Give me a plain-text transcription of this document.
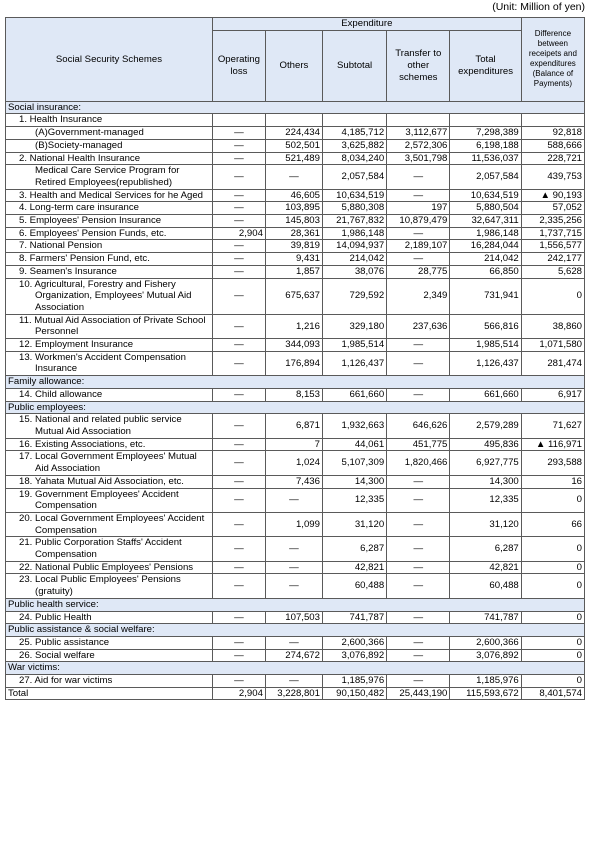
(Unit: Million of yen)
Social Security Schemes	Expenditure					Difference between receipets and expenditures (Balance of Payments)
	Operating loss	Others	Subtotal	Transfer to other schemes	Total expenditures	
Social insurance:						

1. Health Insurance						

(A)Government-managed	—	224,434	4,185,712	3,112,677	7,298,389	92,818

(B)Society-managed	—	502,501	3,625,882	2,572,306	6,198,188	588,666

2. National Health Insurance	—	521,489	8,034,240	3,501,798	11,536,037	228,721

Medical Care Service Program for Retired Employees(republished)	—	—	2,057,584	—	2,057,584	439,753

3. Health and Medical Services for he Aged	—	46,605	10,634,519	—	10,634,519	▲ 90,193

4. Long-term care insurance	—	103,895	5,880,308	197	5,880,504	57,052

5. Employees' Pension Insurance	—	145,803	21,767,832	10,879,479	32,647,311	2,335,256

6. Employees' Pension Funds, etc.	2,904	28,361	1,986,148	—	1,986,148	1,737,715

7. National Pension	—	39,819	14,094,937	2,189,107	16,284,044	1,556,577

8. Farmers' Pension Fund, etc.	—	9,431	214,042	—	214,042	242,177

9. Seamen's Insurance	—	1,857	38,076	28,775	66,850	5,628

10. Agricultural, Forestry and Fishery Organization, Employees' Mutual Aid Association	—	675,637	729,592	2,349	731,941	0

11. Mutual Aid Association of Private School Personnel	—	1,216	329,180	237,636	566,816	38,860

12. Employment Insurance	—	344,093	1,985,514	—	1,985,514	1,071,580

13. Workmen's Accident Compensation Insurance	—	176,894	1,126,437	—	1,126,437	281,474
Family allowance:						

14. Child allowance	—	8,153	661,660	—	661,660	6,917
Public employees:						

15. National and related public service Mutual Aid Association	—	6,871	1,932,663	646,626	2,579,289	71,627

16. Existing Associations, etc.	—	7	44,061	451,775	495,836	▲ 116,971

17. Local Government Employees' Mutual Aid Association	—	1,024	5,107,309	1,820,466	6,927,775	293,588

18. Yahata Mutual Aid Association, etc.	—	7,436	14,300	—	14,300	16

19. Government Employees' Accident Compensation	—	—	12,335	—	12,335	0

20. Local Government Employees' Accident Compensation	—	1,099	31,120	—	31,120	66

21. Public Corporation Staffs' Accident Compensation	—	—	6,287	—	6,287	0

22. National Public Employees' Pensions	—	—	42,821	—	42,821	0

23. Local Public Employees' Pensions (gratuity)	—	—	60,488	—	60,488	0
Public health service:						

24. Public Health	—	107,503	741,787	—	741,787	0
Public assistance & social welfare:						

25. Public assistance	—	—	2,600,366	—	2,600,366	0

26. Social welfare	—	274,672	3,076,892	—	3,076,892	0
War victims:						

27. Aid for war victims	—	—	1,185,976	—	1,185,976	0
Total	2,904	3,228,801	90,150,482	25,443,190	115,593,672	8,401,574
